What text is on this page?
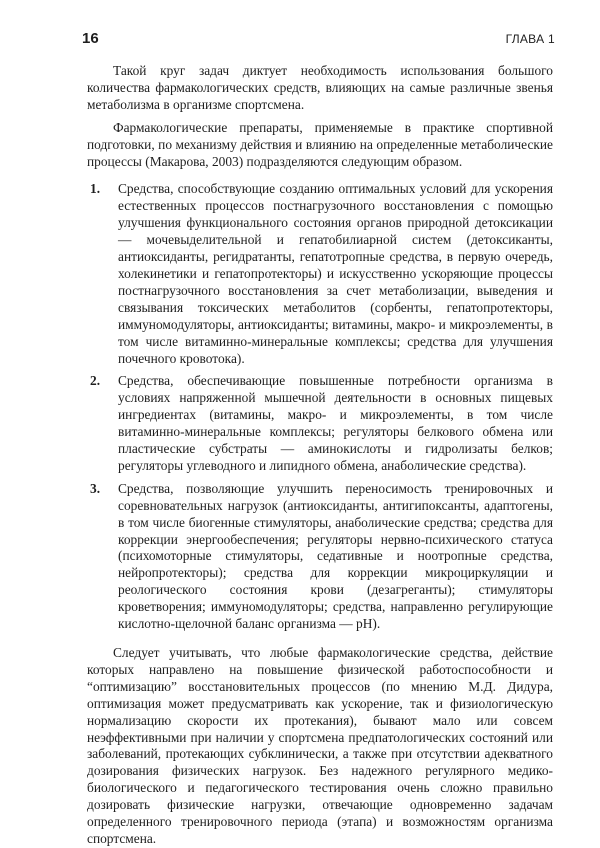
16	ГЛАВА 1

Такой круг задач диктует необходимость использования большого количества фармакологических средств, влияющих на самые различные звенья метаболизма в организме спортсмена.

Фармакологические препараты, применяемые в практике спортивной подготовки, по механизму действия и влиянию на определенные метаболические процессы (Макарова, 2003) подразделяются следующим образом.

1.	Средства, способствующие созданию оптимальных условий для ускорения естественных процессов постнагрузочного восстановления с помощью улучшения функционального состояния органов природной детоксикации — мочевыделительной и гепатобилиарной систем (детоксиканты, антиоксиданты, регидратанты, гепатотропные средства, в первую очередь, холекинетики и гепатопротекторы) и искусственно ускоряющие процессы постнагрузочного восстановления за счет метаболизации, выведения и связывания токсических метаболитов (сорбенты, гепатопротекторы, иммуномодуляторы, антиоксиданты; витамины, макро- и микроэлементы, в том числе витаминно-минеральные комплексы; средства для улучшения почечного кровотока).
2.	Средства, обеспечивающие повышенные потребности организма в условиях напряженной мышечной деятельности в основных пищевых ингредиентах (витамины, макро- и микроэлементы, в том числе витаминно-минеральные комплексы; регуляторы белкового обмена или пластические субстраты — аминокислоты и гидролизаты белков; регуляторы углеводного и липидного обмена, анаболические средства).
3.	Средства, позволяющие улучшить переносимость тренировочных и соревновательных нагрузок (антиоксиданты, антигипоксанты, адаптогены, в том числе биогенные стимуляторы, анаболические средства; средства для коррекции энергообеспечения; регуляторы нервно-психического статуса (психомоторные стимуляторы, седативные и ноотропные средства, нейропротекторы); средства для коррекции микроциркуляции и реологического состояния крови (дезагреганты); стимуляторы кроветворения; иммуномодуляторы; средства, направленно регулирующие кислотно-щелочной баланс организма — pH).

Следует учитывать, что любые фармакологические средства, действие которых направлено на повышение физической работоспособности и “оптимизацию” восстановительных процессов (по мнению М.Д. Дидура, оптимизация может предусматривать как ускорение, так и физиологическую нормализацию скорости их протекания), бывают мало или совсем неэффективными при наличии у спортсмена предпатологических состояний или заболеваний, протекающих субклинически, а также при отсутствии адекватного дозирования физических нагрузок. Без надежного регулярного медико-биологического и педагогического тестирования очень сложно правильно дозировать физические нагрузки, отвечающие одновременно задачам определенного тренировочного периода (этапа) и возможностям организма спортсмена.
